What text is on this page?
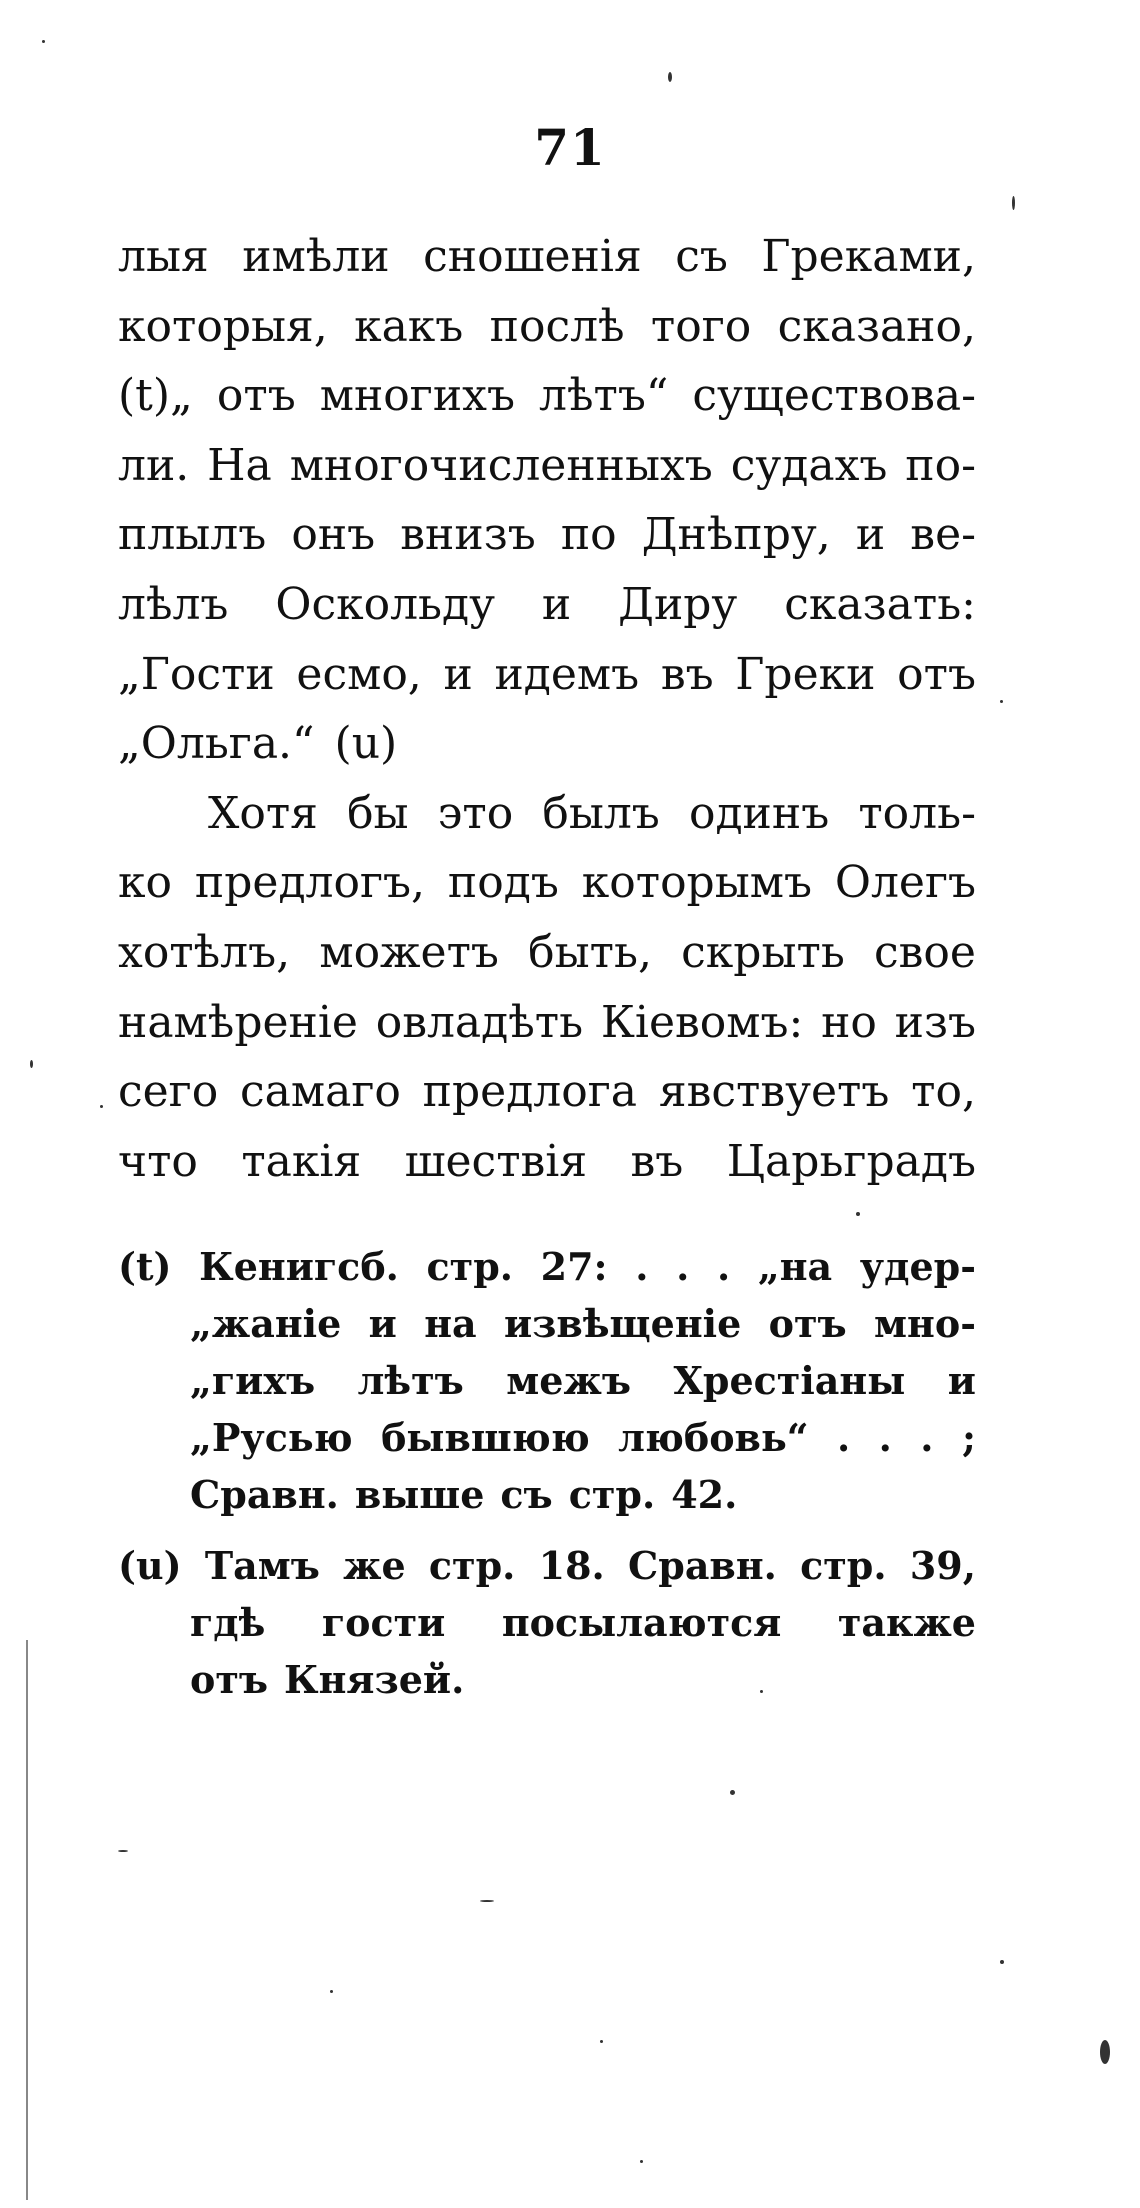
71
лыя имѣли сношенія съ Греками,
которыя, какъ послѣ того сказано,
(t)„ отъ многихъ лѣтъ“ существова-
ли. На многочисленныхъ судахъ по-
плылъ онъ внизъ по Днѣпру, и ве-
лѣлъ Оскольду и Диру сказать:
„Гости есмо, и идемъ въ Греки отъ
„Ольга.“ (u)
Хотя бы это былъ одинъ толь-
ко предлогъ, подъ которымъ Олегъ
хотѣлъ, можетъ быть, скрыть свое
намѣреніе овладѣть Кіевомъ: но изъ
сего самаго предлога явствуетъ то,
что такія шествія въ Царьградъ
(t) Кенигсб. стр. 27: . . . „на удер-
„жаніе и на извѣщеніе отъ мно-
„гихъ лѣтъ межъ Хрестіаны и
„Русью бывшюю любовь“ . . . ;
Сравн. выше съ стр. 42.
(u) Тамъ же стр. 18. Сравн. стр. 39,
гдѣ гости посылаются также
отъ Князей.
